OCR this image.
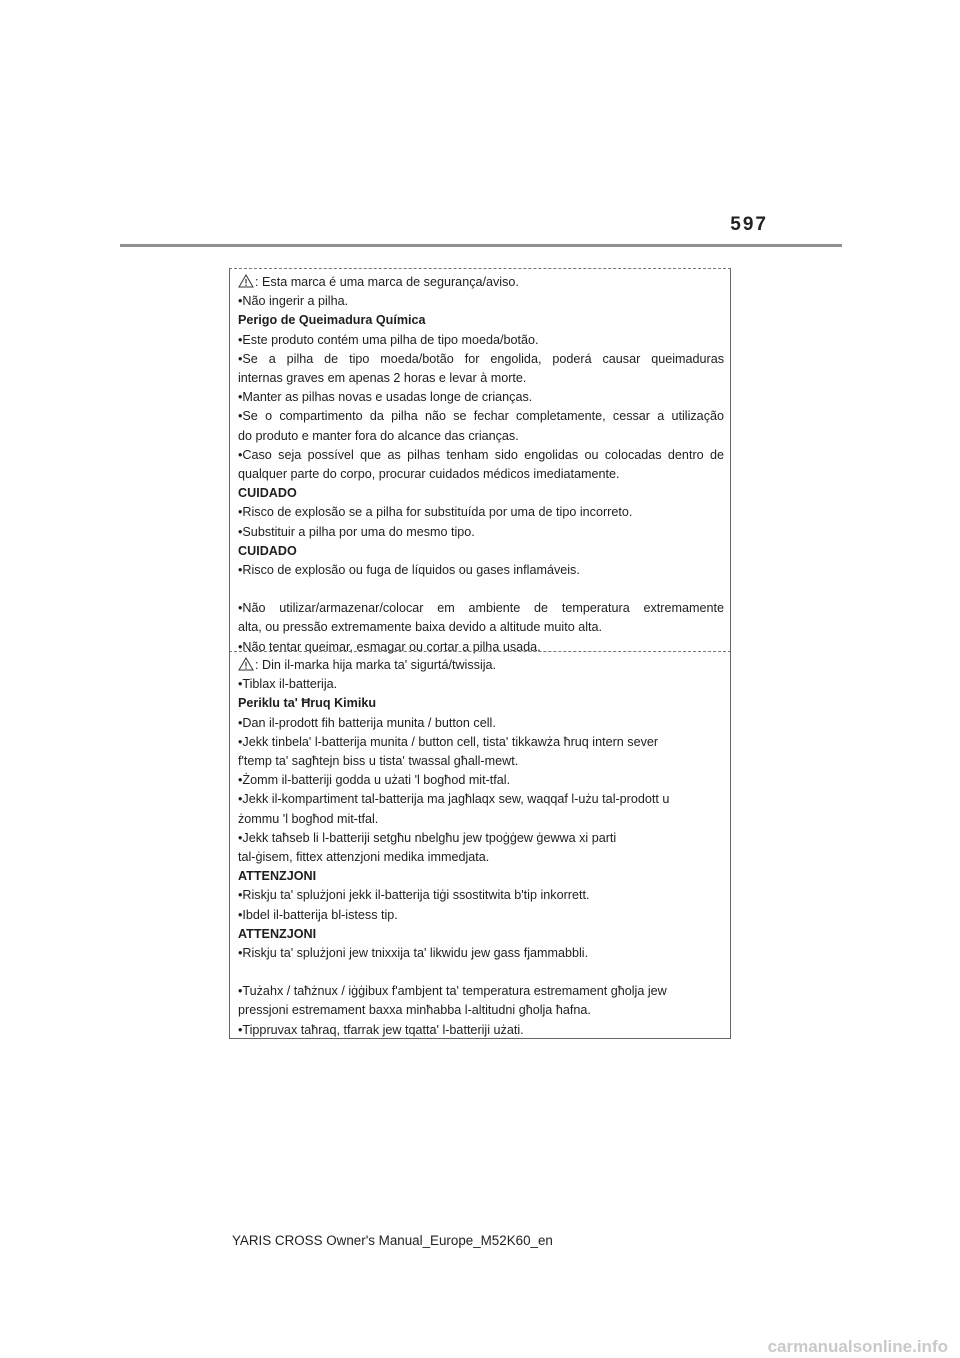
597
: Esta marca é uma marca de segurança/aviso.
•Não ingerir a pilha.
Perigo de Queimadura Química
•Este produto contém uma pilha de tipo moeda/botão.
•Se a pilha de tipo moeda/botão for engolida, poderá causar queimaduras
internas graves em apenas 2 horas e levar à morte.
•Manter as pilhas novas e usadas longe de crianças.
•Se o compartimento da pilha não se fechar completamente, cessar a utilização
do produto e manter fora do alcance das crianças.
•Caso seja possível que as pilhas tenham sido engolidas ou colocadas dentro de
qualquer parte do corpo, procurar cuidados médicos imediatamente.
CUIDADO
•Risco de explosão se a pilha for substituída por uma de tipo incorreto.
•Substituir a pilha por uma do mesmo tipo.
CUIDADO
•Risco de explosão ou fuga de líquidos ou gases inflamáveis.
•Não utilizar/armazenar/colocar em ambiente de temperatura extremamente
alta, ou pressão extremamente baixa devido a altitude muito alta.
•Não tentar queimar, esmagar ou cortar a pilha usada.
: Din il-marka hija marka ta' sigurtá/twissija.
•Tiblax il-batterija.
Periklu ta' Ħruq Kimiku
•Dan il-prodott fih batterija munita / button cell.
•Jekk tinbela' l-batterija munita / button cell, tista' tikkawża ħruq intern sever
f'temp ta' sagħtejn biss u tista' twassal għall-mewt.
•Żomm il-batteriji godda u użati 'l bogħod mit-tfal.
•Jekk il-kompartiment tal-batterija ma jagħlaqx sew, waqqaf l-użu tal-prodott u
żommu 'l bogħod mit-tfal.
•Jekk taħseb li l-batteriji setgħu nbelgħu jew tpoġġew ġewwa xi parti
tal-ġisem, fittex attenzjoni medika immedjata.
ATTENZJONI
•Riskju ta' splużjoni jekk il-batterija tiġi ssostitwita b'tip inkorrett.
•Ibdel il-batterija bl-istess tip.
ATTENZJONI
•Riskju ta' splużjoni jew tnixxija ta' likwidu jew gass fjammabbli.
•Tużahx / taħżnux / iġġibux f'ambjent ta' temperatura estremament għolja jew
pressjoni estremament baxxa minħabba l-altitudni għolja ħafna.
•Tippruvax taħraq, tfarrak jew tqatta' l-batteriji użati.
YARIS CROSS Owner's Manual_Europe_M52K60_en
carmanualsonline.info
